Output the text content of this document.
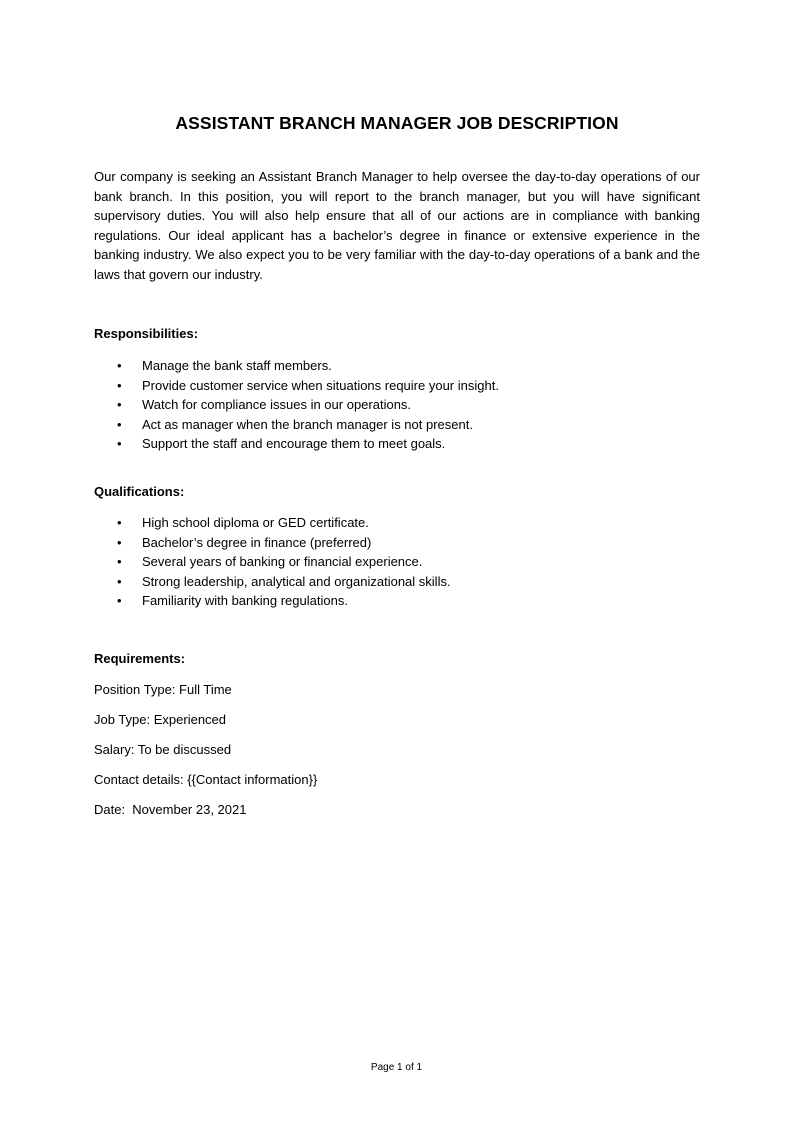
ASSISTANT BRANCH MANAGER JOB DESCRIPTION

Our company is seeking an Assistant Branch Manager to help oversee the day-to-day operations of our bank branch. In this position, you will report to the branch manager, but you will have significant supervisory duties. You will also help ensure that all of our actions are in compliance with banking regulations. Our ideal applicant has a bachelor’s degree in finance or extensive experience in the banking industry. We also expect you to be very familiar with the day-to-day operations of a bank and the laws that govern our industry.

Responsibilities:

• Manage the bank staff members.
• Provide customer service when situations require your insight.
• Watch for compliance issues in our operations.
• Act as manager when the branch manager is not present.
• Support the staff and encourage them to meet goals.

Qualifications:

• High school diploma or GED certificate.
• Bachelor’s degree in finance (preferred)
• Several years of banking or financial experience.
• Strong leadership, analytical and organizational skills.
• Familiarity with banking regulations.

Requirements:

Position Type: Full Time

Job Type: Experienced

Salary: To be discussed

Contact details: {{Contact information}}

Date:  November 23, 2021

Page 1 of 1
